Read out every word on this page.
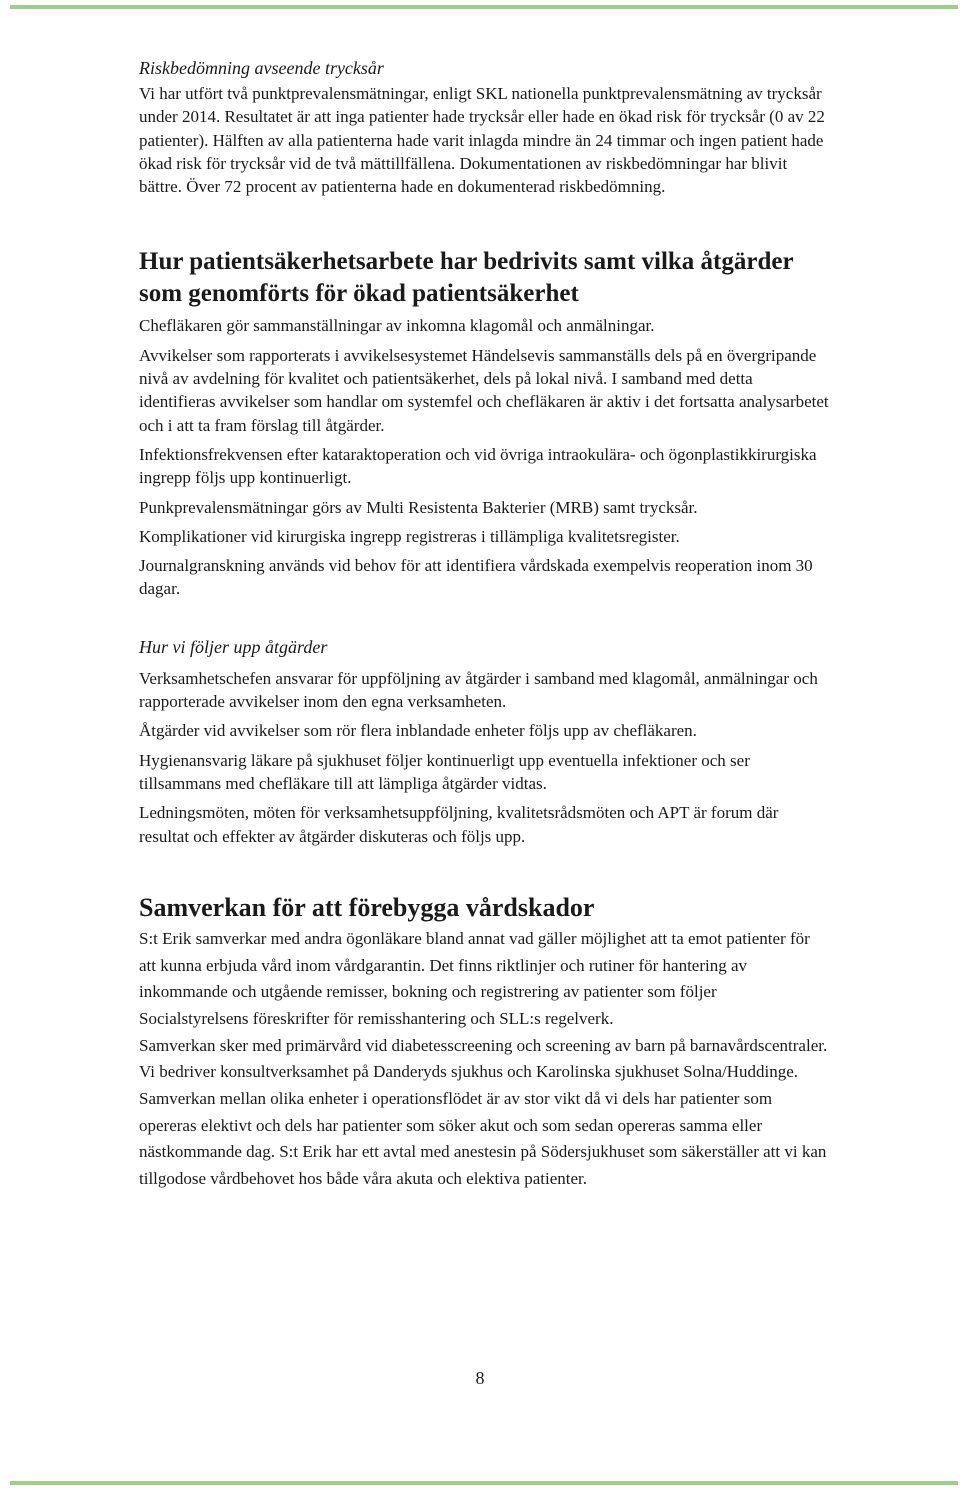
Riskbedömning avseende trycksår

Vi har utfört två punktprevalensmätningar, enligt SKL nationella punktprevalensmätning av trycksår under 2014. Resultatet är att inga patienter hade trycksår eller hade en ökad risk för trycksår (0 av 22 patienter). Hälften av alla patienterna hade varit inlagda mindre än 24 timmar och ingen patient hade ökad risk för trycksår vid de två mättillfällena. Dokumentationen av riskbedömningar har blivit bättre. Över 72 procent av patienterna hade en dokumenterad riskbedömning.

Hur patientsäkerhetsarbete har bedrivits samt vilka åtgärder som genomförts för ökad patientsäkerhet

Chefläkaren gör sammanställningar av inkomna klagomål och anmälningar.

Avvikelser som rapporterats i avvikelsesystemet Händelsevis sammanställs dels på en övergripande nivå av avdelning för kvalitet och patientsäkerhet, dels på lokal nivå. I samband med detta identifieras avvikelser som handlar om systemfel och chefläkaren är aktiv i det fortsatta analysarbetet och i att ta fram förslag till åtgärder.

Infektionsfrekvensen efter kataraktoperation och vid övriga intraokulära- och ögonplastikkirurgiska ingrepp följs upp kontinuerligt.

Punkprevalensmätningar görs av Multi Resistenta Bakterier (MRB) samt trycksår.

Komplikationer vid kirurgiska ingrepp registreras i tillämpliga kvalitetsregister.

Journalgranskning används vid behov för att identifiera vårdskada exempelvis reoperation inom 30 dagar.

Hur vi följer upp åtgärder

Verksamhetschefen ansvarar för uppföljning av åtgärder i samband med klagomål, anmälningar och rapporterade avvikelser inom den egna verksamheten.

Åtgärder vid avvikelser som rör flera inblandade enheter följs upp av chefläkaren.

Hygienansvarig läkare på sjukhuset följer kontinuerligt upp eventuella infektioner och ser tillsammans med chefläkare till att lämpliga åtgärder vidtas.

Ledningsmöten, möten för verksamhetsuppföljning, kvalitetsrådsmöten och APT är forum där resultat och effekter av åtgärder diskuteras och följs upp.

Samverkan för att förebygga vårdskador

S:t Erik samverkar med andra ögonläkare bland annat vad gäller möjlighet att ta emot patienter för att kunna erbjuda vård inom vårdgarantin. Det finns riktlinjer och rutiner för hantering av inkommande och utgående remisser, bokning och registrering av patienter som följer Socialstyrelsens föreskrifter för remisshantering och SLL:s regelverk.

Samverkan sker med primärvård vid diabetesscreening och screening av barn på barnavårdscentraler.

Vi bedriver konsultverksamhet på Danderyds sjukhus och Karolinska sjukhuset Solna/Huddinge.

Samverkan mellan olika enheter i operationsflödet är av stor vikt då vi dels har patienter som opereras elektivt och dels har patienter som söker akut och som sedan opereras samma eller nästkommande dag. S:t Erik har ett avtal med anestesin på Södersjukhuset som säkerställer att vi kan tillgodose vårdbehovet hos både våra akuta och elektiva patienter.

8
